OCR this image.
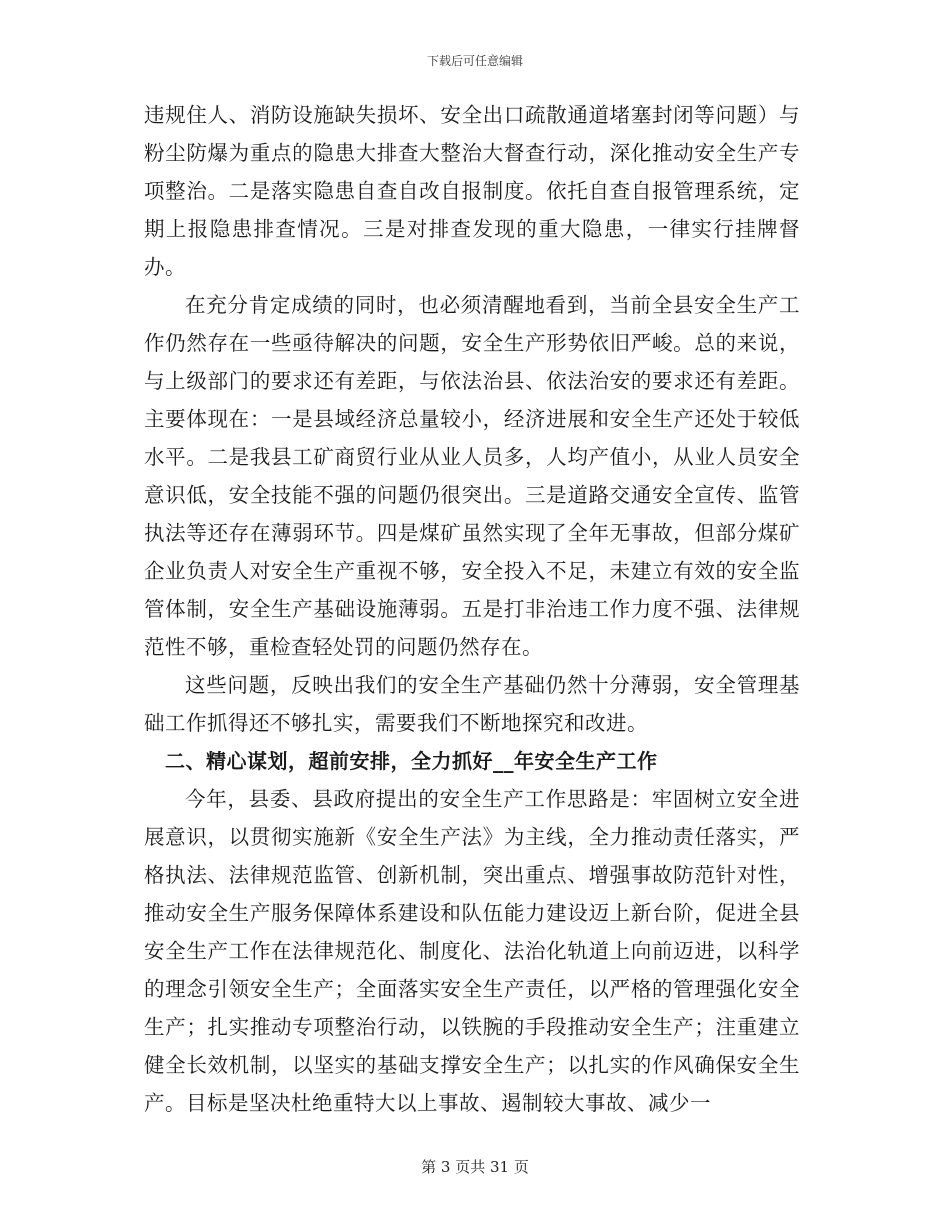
下载后可任意编辑

违规住人、消防设施缺失损坏、安全出口疏散通道堵塞封闭等问题）与粉尘防爆为重点的隐患大排查大整治大督查行动，深化推动安全生产专项整治。二是落实隐患自查自改自报制度。依托自查自报管理系统，定期上报隐患排查情况。三是对排查发现的重大隐患，一律实行挂牌督办。

在充分肯定成绩的同时，也必须清醒地看到，当前全县安全生产工作仍然存在一些亟待解决的问题，安全生产形势依旧严峻。总的来说，与上级部门的要求还有差距，与依法治县、依法治安的要求还有差距。主要体现在：一是县域经济总量较小，经济进展和安全生产还处于较低水平。二是我县工矿商贸行业从业人员多，人均产值小，从业人员安全意识低，安全技能不强的问题仍很突出。三是道路交通安全宣传、监管执法等还存在薄弱环节。四是煤矿虽然实现了全年无事故，但部分煤矿企业负责人对安全生产重视不够，安全投入不足，未建立有效的安全监管体制，安全生产基础设施薄弱。五是打非治违工作力度不强、法律规范性不够，重检查轻处罚的问题仍然存在。

这些问题，反映出我们的安全生产基础仍然十分薄弱，安全管理基础工作抓得还不够扎实，需要我们不断地探究和改进。

二、精心谋划，超前安排，全力抓好__年安全生产工作

今年，县委、县政府提出的安全生产工作思路是：牢固树立安全进展意识，以贯彻实施新《安全生产法》为主线，全力推动责任落实，严格执法、法律规范监管、创新机制，突出重点、增强事故防范针对性，推动安全生产服务保障体系建设和队伍能力建设迈上新台阶，促进全县安全生产工作在法律规范化、制度化、法治化轨道上向前迈进，以科学的理念引领安全生产；全面落实安全生产责任，以严格的管理强化安全生产；扎实推动专项整治行动，以铁腕的手段推动安全生产；注重建立健全长效机制，以坚实的基础支撑安全生产；以扎实的作风确保安全生产。目标是坚决杜绝重特大以上事故、遏制较大事故、减少一

第 3 页共 31 页
